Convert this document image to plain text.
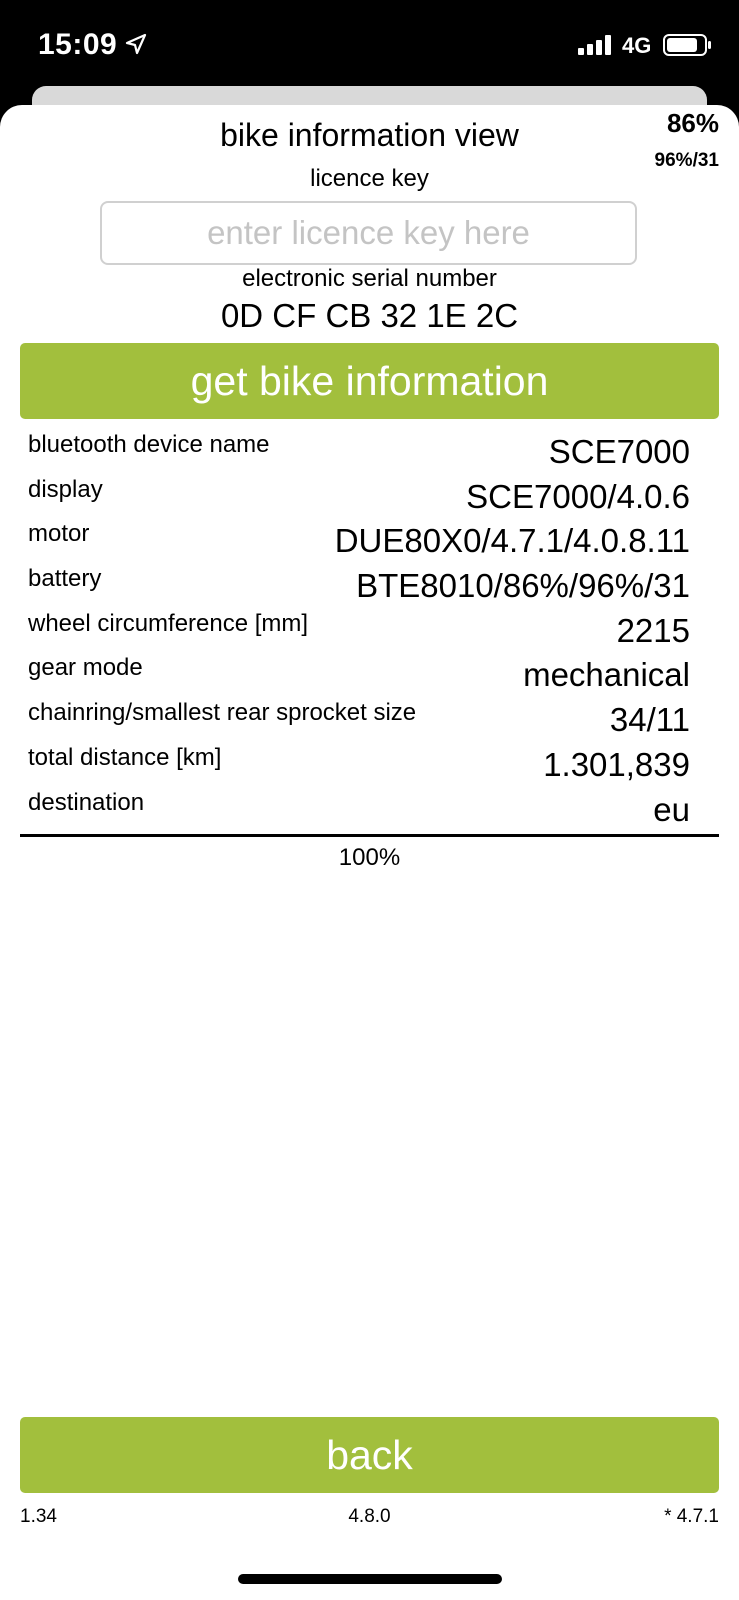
15:09	4G
bike information view	86%
96%/31
licence key
enter licence key here
electronic serial number
0D CF CB 32 1E 2C
get bike information
bluetooth device name	SCE7000
display	SCE7000/4.0.6
motor	DUE80X0/4.7.1/4.0.8.11
battery	BTE8010/86%/96%/31
wheel circumference [mm]	2215
gear mode	mechanical
chainring/smallest rear sprocket size	34/11
total distance [km]	1.301,839
destination	eu
100%
back
1.34	4.8.0	* 4.7.1
